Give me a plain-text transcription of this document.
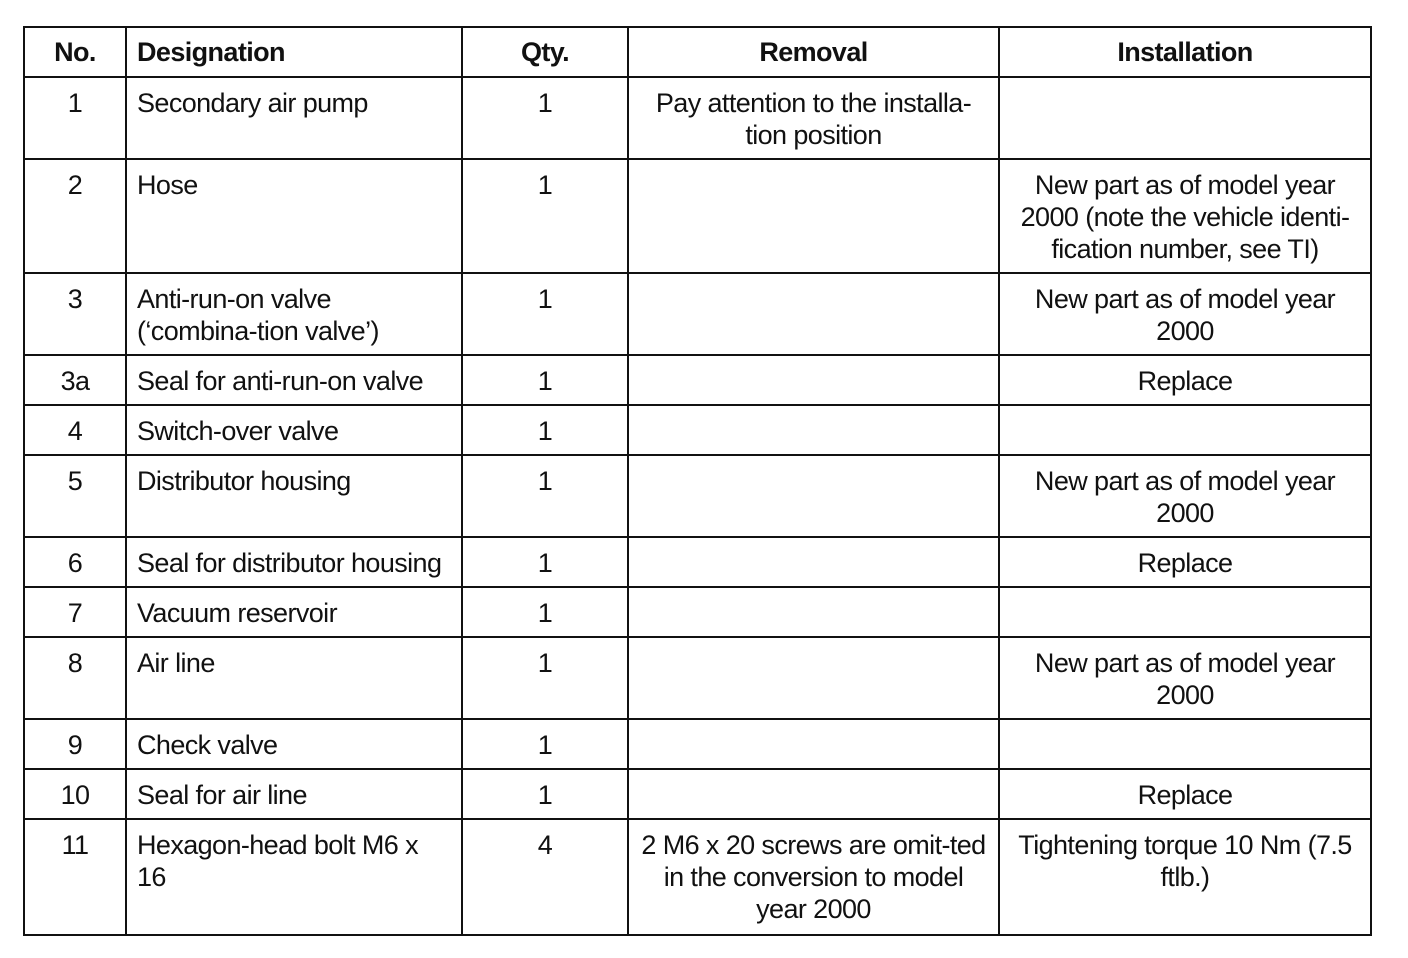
No.	Designation	Qty.	Removal	Installation
1	Secondary air pump	1	Pay attention to the installa-tion position	
2	Hose	1		New part as of model year 2000 (note the vehicle identi-fication number, see TI)
3	Anti-run-on valve (‘combina-tion valve’)	1		New part as of model year 2000
3a	Seal for anti-run-on valve	1		Replace
4	Switch-over valve	1		
5	Distributor housing	1		New part as of model year 2000
6	Seal for distributor housing	1		Replace
7	Vacuum reservoir	1		
8	Air line	1		New part as of model year 2000
9	Check valve	1		
10	Seal for air line	1		Replace
11	Hexagon-head bolt M6 x 16	4	2 M6 x 20 screws are omit-ted in the conversion to model year 2000	Tightening torque 10 Nm (7.5 ftlb.)
